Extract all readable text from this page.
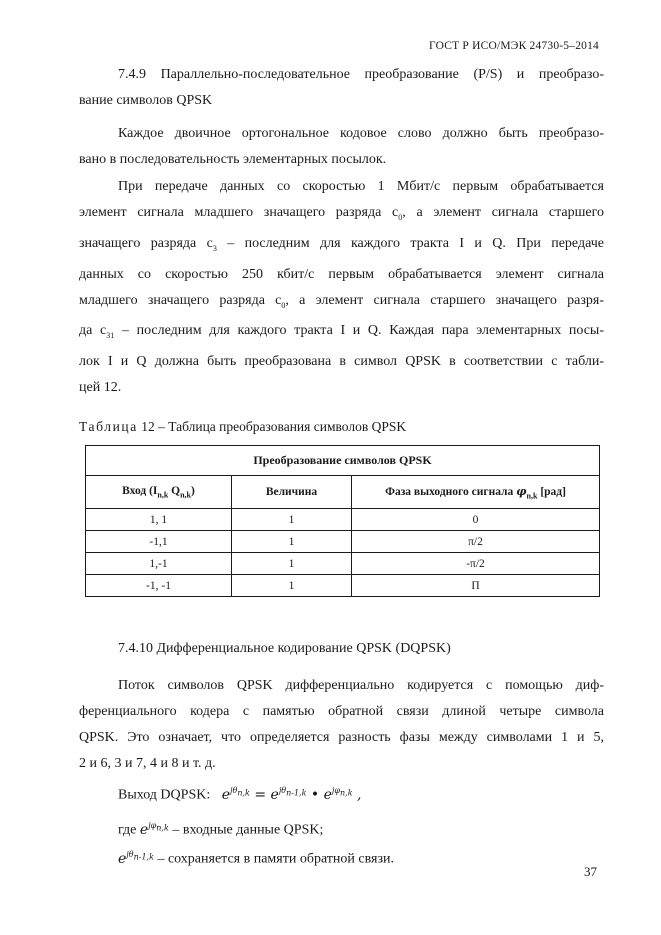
ГОСТ Р ИСО/МЭК 24730-5–2014
7.4.9 Параллельно-последовательное преобразование (P/S) и преобразо-
вание символов QPSK
Каждое двоичное ортогональное кодовое слово должно быть преобразо-
вано в последовательность элементарных посылок.
При передаче данных со скоростью 1 Мбит/с первым обрабатывается
элемент сигнала младшего значащего разряда $c_0$, а элемент сигнала старшего
значащего разряда $c_3$ – последним для каждого тракта I и Q. При передаче
данных со скоростью 250 кбит/с первым обрабатывается элемент сигнала
младшего значащего разряда $c_0$, а элемент сигнала старшего значащего разря-
да $c_{31}$ – последним для каждого тракта I и Q. Каждая пара элементарных посы-
лок I и Q должна быть преобразована в символ QPSK в соответствии с табли-
цей 12.
Таблица 12 – Таблица преобразования символов QPSK
Преобразование символов QPSK		
Вход ($I_{n,k}$ $Q_{n,k}$)	Величина	Фаза выходного сигнала $\varphi_{n,k}$ [рад]
1, 1	1	0
-1,1	1	π/2
1,-1	1	-π/2
-1, -1	1	П
7.4.10 Дифференциальное кодирование QPSK (DQPSK)
Поток символов QPSK дифференциально кодируется с помощью диф-
ференциального кодера с памятью обратной связи длиной четыре символа
QPSK. Это означает, что определяется разность фазы между символами 1 и 5,
2 и 6, 3 и 7, 4 и 8 и т. д.
Выход DQPSK: $e^{j\theta_{n,k}} = e^{j\theta_{n-1,k}}$ • $e^{j\varphi_{n,k}}$ ,
где $e^{j\varphi_{n,k}}$ – входные данные QPSK;
$e^{j\theta_{n-1,k}}$ – сохраняется в памяти обратной связи.
37
